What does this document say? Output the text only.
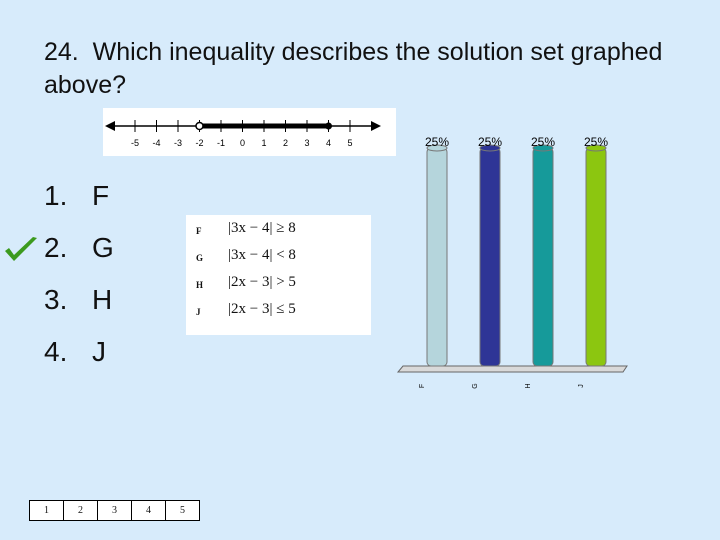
24. Which inequality describes the solution set graphed above?
-5 -4 -3 -2 -1 0 1 2 3 4 5
1. F
2. G
3. H
4. J
F |3x − 4| ≥ 8
G |3x − 4| < 8
H |2x − 3| > 5
J |2x − 3| ≤ 5
25%
F
25%
G
25%
H
25%
J
1	2	3	4	5
